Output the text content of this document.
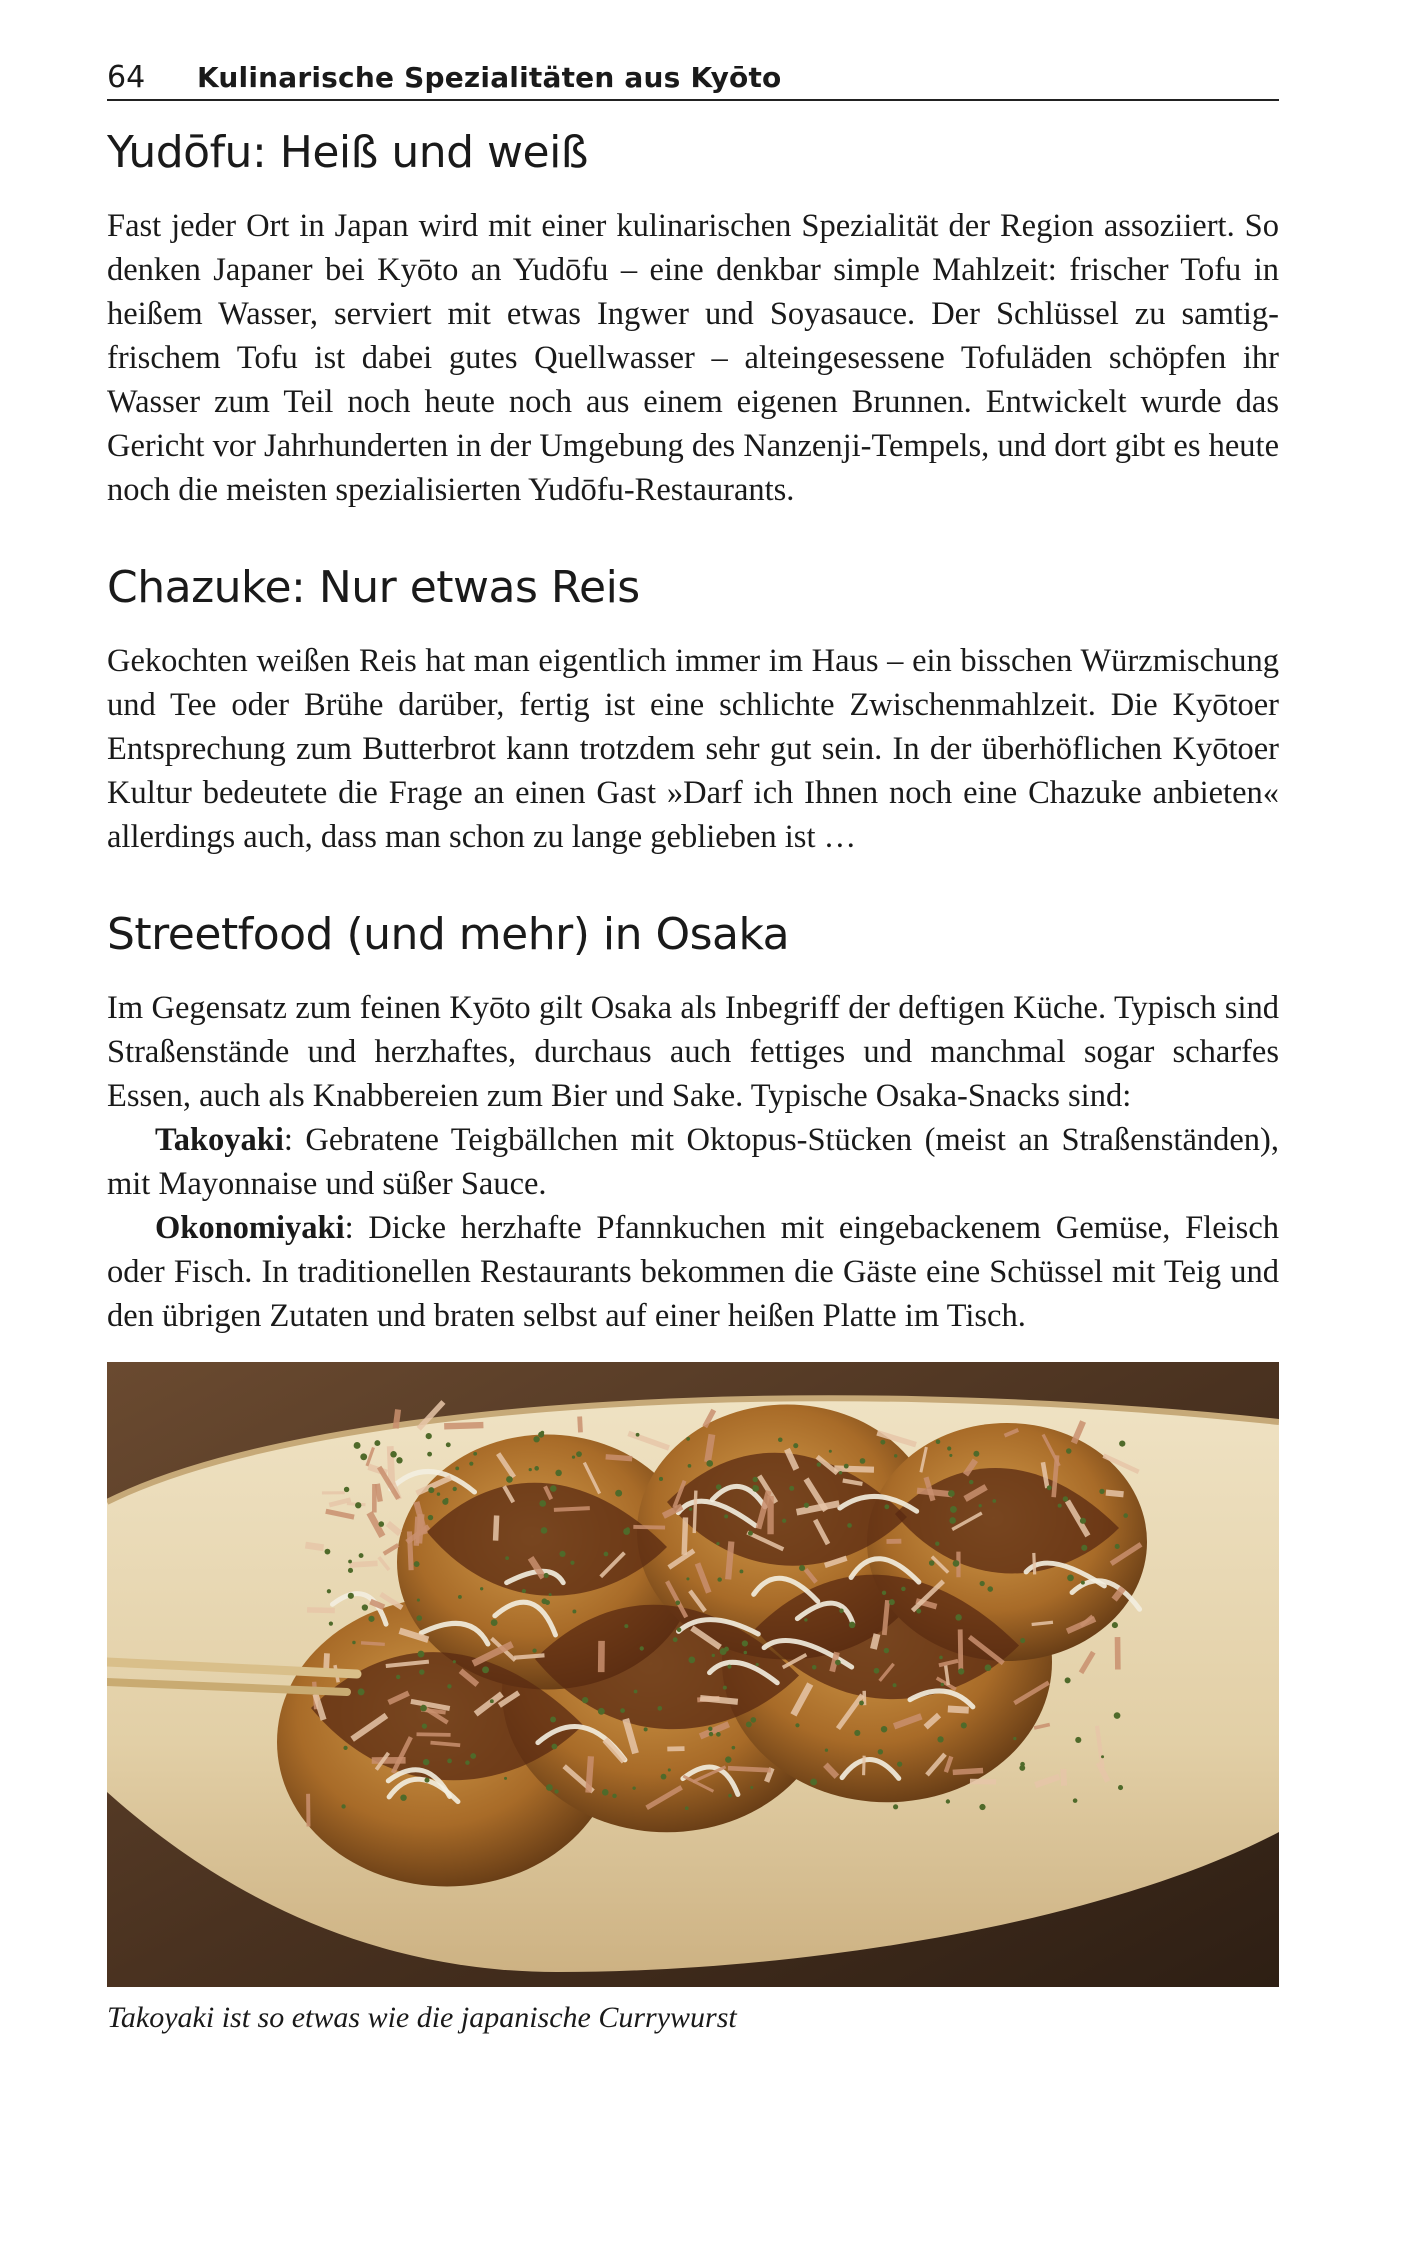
64	Kulinarische Spezialitäten aus Kyōto
Yudōfu: Heiß und weiß

Fast jeder Ort in Japan wird mit einer kulinarischen Spezialität der Region assoziiert. So denken Japaner bei Kyōto an Yudōfu – eine denkbar simple Mahlzeit: frischer Tofu in heißem Wasser, serviert mit etwas Ingwer und Soyasauce. Der Schlüssel zu samtig-frischem Tofu ist dabei gutes Quellwasser – alteingesessene Tofuläden schöpfen ihr Wasser zum Teil noch heute noch aus einem eigenen Brunnen. Entwickelt wurde das Gericht vor Jahrhunderten in der Umgebung des Nanzenji-Tempels, und dort gibt es heute noch die meisten spezialisierten Yudōfu-Restaurants.

Chazuke: Nur etwas Reis

Gekochten weißen Reis hat man eigentlich immer im Haus – ein bisschen Würzmischung und Tee oder Brühe darüber, fertig ist eine schlichte Zwischenmahlzeit. Die Kyōtoer Entsprechung zum Butterbrot kann trotzdem sehr gut sein. In der überhöflichen Kyōtoer Kultur bedeutete die Frage an einen Gast »Darf ich Ihnen noch eine Chazuke anbieten« allerdings auch, dass man schon zu lange geblieben ist …

Streetfood (und mehr) in Osaka

Im Gegensatz zum feinen Kyōto gilt Osaka als Inbegriff der deftigen Küche. Typisch sind Straßenstände und herzhaftes, durchaus auch fettiges und manchmal sogar scharfes Essen, auch als Knabbereien zum Bier und Sake. Typische Osaka-Snacks sind:

Takoyaki: Gebratene Teigbällchen mit Oktopus-Stücken (meist an Straßenständen), mit Mayonnaise und süßer Sauce.

Okonomiyaki: Dicke herzhafte Pfannkuchen mit eingebackenem Gemüse, Fleisch oder Fisch. In traditionellen Restaurants bekommen die Gäste eine Schüssel mit Teig und den übrigen Zutaten und braten selbst auf einer heißen Platte im Tisch.

Takoyaki ist so etwas wie die japanische Currywurst
